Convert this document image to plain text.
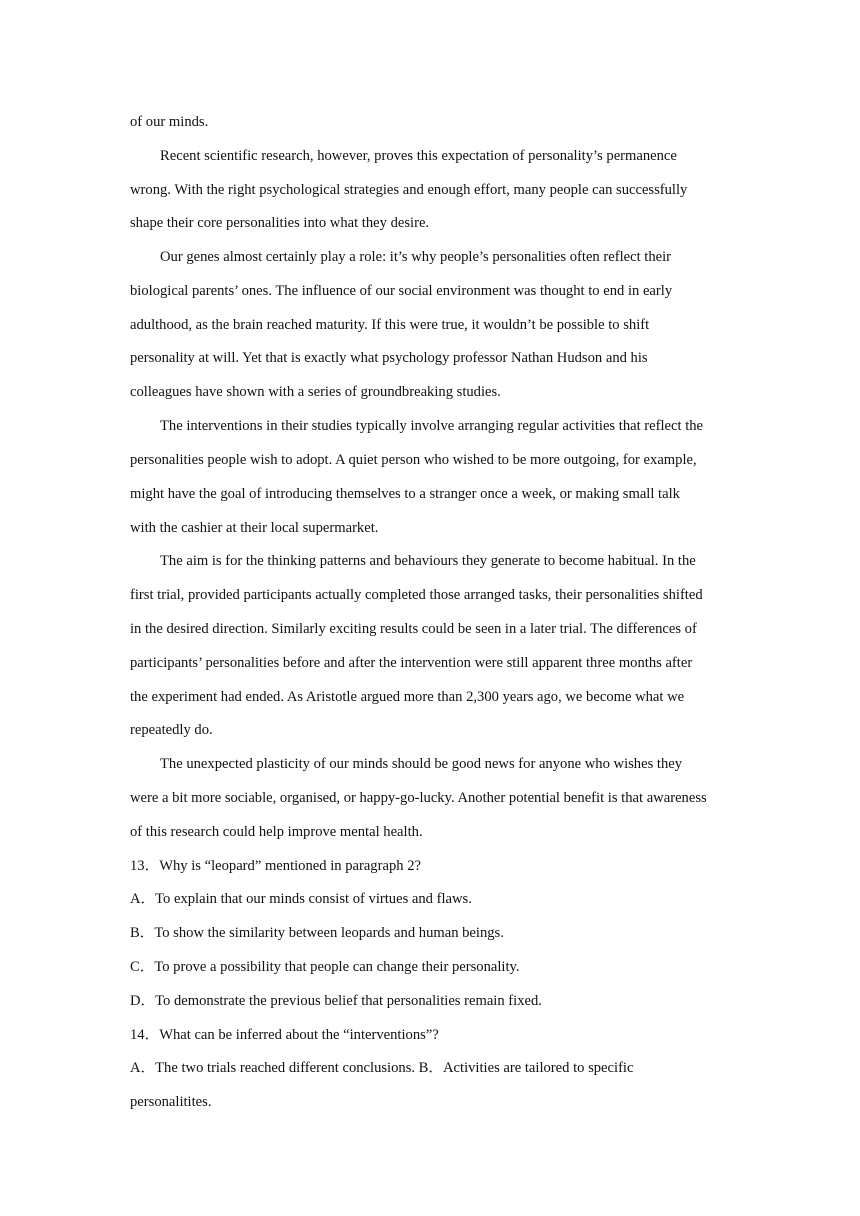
of our minds.
Recent scientific research, however, proves this expectation of personality’s permanence
wrong. With the right psychological strategies and enough effort, many people can successfully
shape their core personalities into what they desire.
Our genes almost certainly play a role: it’s why people’s personalities often reflect their
biological parents’ ones. The influence of our social environment was thought to end in early
adulthood, as the brain reached maturity. If this were true, it wouldn’t be possible to shift
personality at will. Yet that is exactly what psychology professor Nathan Hudson and his
colleagues have shown with a series of groundbreaking studies.
The interventions in their studies typically involve arranging regular activities that reflect the
personalities people wish to adopt. A quiet person who wished to be more outgoing, for example,
might have the goal of introducing themselves to a stranger once a week, or making small talk
with the cashier at their local supermarket.
The aim is for the thinking patterns and behaviours they generate to become habitual. In the
first trial, provided participants actually completed those arranged tasks, their personalities shifted
in the desired direction. Similarly exciting results could be seen in a later trial. The differences of
participants’ personalities before and after the intervention were still apparent three months after
the experiment had ended. As Aristotle argued more than 2,300 years ago, we become what we
repeatedly do.
The unexpected plasticity of our minds should be good news for anyone who wishes they
were a bit more sociable, organised, or happy-go-lucky. Another potential benefit is that awareness
of this research could help improve mental health.
13．Why is “leopard” mentioned in paragraph 2?
A．To explain that our minds consist of virtues and flaws.
B．To show the similarity between leopards and human beings.
C．To prove a possibility that people can change their personality.
D．To demonstrate the previous belief that personalities remain fixed.
14．What can be inferred about the “interventions”?
A．The two trials reached different conclusions. B．Activities are tailored to specific
personalitites.
